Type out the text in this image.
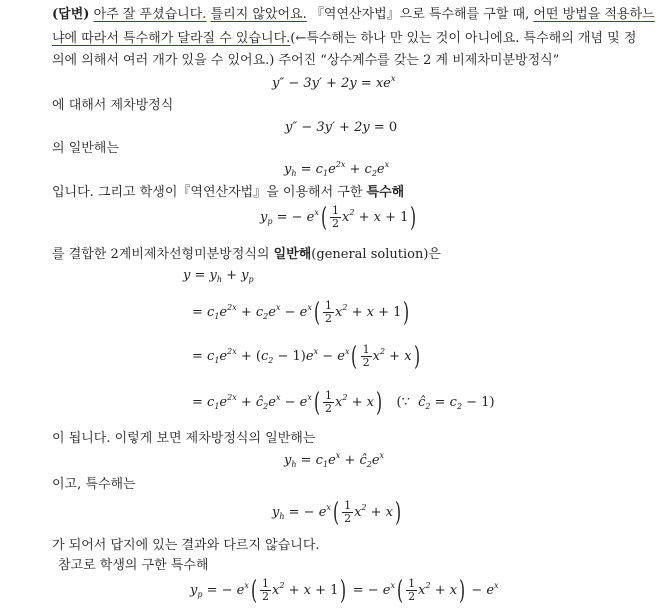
(답변) 아주 잘 푸셨습니다. 틀리지 않았어요. 『역연산자법』으로 특수해를 구할 때, 어떤 방법을 적용하느
냐에 따라서 특수해가 달라질 수 있습니다.(←특수해는 하나 만 있는 것이 아니에요. 특수해의 개념 및 정
의에 의해서 여러 개가 있을 수 있어요.) 주어진 “상수계수를 갖는 2 계 비제차미분방정식”
$y'' - 3y' + 2y = xe^x$
에 대해서 제차방정식
y″ − 3y′ + 2y = 0
의 일반해는
$y_h = c_1e^{2x} + c_2e^x$
입니다. 그리고 학생이『역연산자법』을 이용해서 구한 특수해
$y_p$ = − $e^x( \frac{1}{2} x^2 + x + 1)$
를 결합한 2계비제차선형미분방정식의 일반해(general solution)은
$y = y_h + y_p$
= $c_1e^{2x} + c_2e^x - e^x( \frac{1}{2} x^2 + x + 1)$
= $c_1e^{2x} + (c_2 - 1)e^x - e^x( \frac{1}{2} x^2 + x)$
= $c_1e^{2x}$ + $ĉ_2e^x - e^x( \frac{1}{2} x^2 + x)$ (∵  $ĉ_2 = c_2 - 1$)
이 됩니다. 이렇게 보면 제차방정식의 일반해는
$y_h = c_1e^x$ + $ĉ_2e^x$
이고, 특수해는
$y_h$ = − $e^x( \frac{1}{2} x^2 + x)$
가 되어서 답지에 있는 결과와 다르지 않습니다.
참고로 학생의 구한 특수해
$y_p$ = − $e^x( \frac{1}{2} x^2 + x + 1)$ = − $e^x( \frac{1}{2} x^2 + x) - e^x$
